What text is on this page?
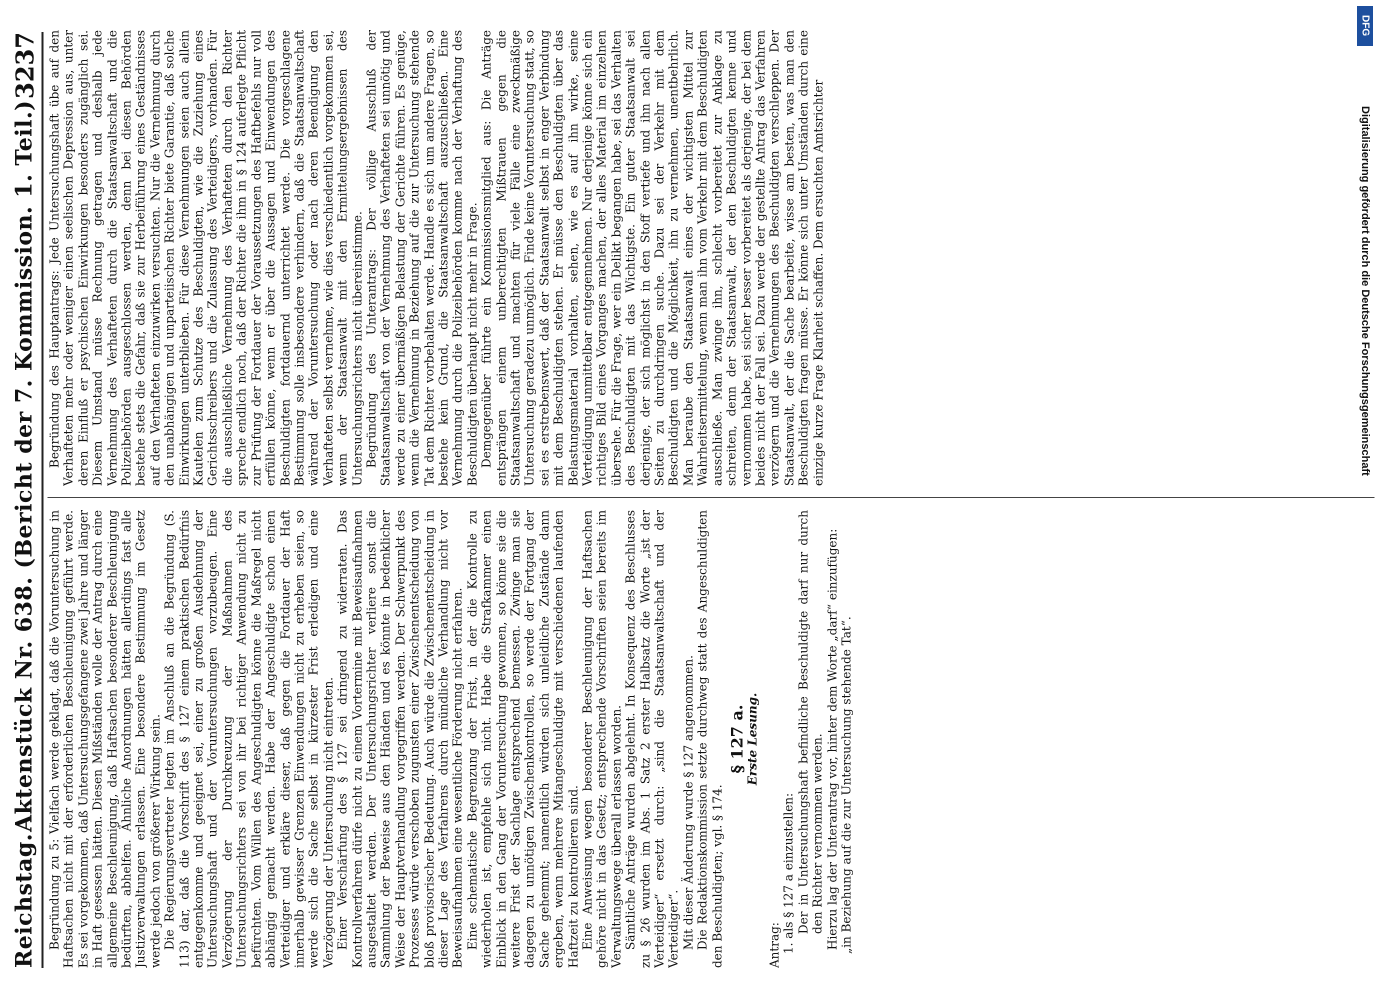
Reichstag.
Aktenstück Nr. 638. (Bericht der 7. Kommission. 1. Teil.)
3237

Begründung zu 5: Vielfach werde geklagt, daß die Voruntersuchung in Haftsachen nicht mit der erforderlichen Beschleunigung geführt werde. Es sei vorgekommen, daß Untersuchungsgefangene zwei Jahre und länger in Haft gesessen hätten. Diesen Mißständen wolle der Antrag durch eine allgemeine Beschleunigung, daß Haftsachen besonderer Beschleunigung bedürften, abhelfen. Ähnliche Anordnungen hätten allerdings fast alle Justizverwaltungen erlassen. Eine besondere Bestimmung im Gesetz werde jedoch von größerer Wirkung sein. Die Regierungsvertreter legten im Anschluß an die Begründung (S. 113) dar, daß die Vorschrift des § 127 einem praktischen Bedürfnis entgegenkomme und geeignet sei, einer zu großen Ausdehnung der Untersuchungshaft und der Voruntersuchungen vorzubeugen. Eine Verzögerung der Durchkreuzung der Maßnahmen des Untersuchungsrichters sei von ihr bei richtiger Anwendung nicht zu befürchten. Vom Willen des Angeschuldigten könne die Maßregel nicht abhängig gemacht werden. Habe der Angeschuldigte schon einen Verteidiger und erkläre dieser, daß gegen die Fortdauer der Haft innerhalb gewisser Grenzen Einwendungen nicht zu erheben seien, so werde sich die Sache selbst in kürzester Frist erledigen und eine Verzögerung der Untersuchung nicht eintreten. Einer Verschärfung des § 127 sei dringend zu widerraten. Das Kontrollverfahren dürfe nicht zu einem Vortermine mit Beweisaufnahmen ausgestaltet werden. Der Untersuchungsrichter verliere sonst die Sammlung der Beweise aus den Händen und es könnte in bedenklicher Weise der Hauptverhandlung vorgegriffen werden. Der Schwerpunkt des Prozesses würde verschoben zugunsten einer Zwischenentscheidung von bloß provisorischer Bedeutung. Auch würde die Zwischenentscheidung in dieser Lage des Verfahrens durch mündliche Verhandlung nicht vor Beweisaufnahmen eine wesentliche Förderung nicht erfahren. Eine schematische Begrenzung der Frist, in der die Kontrolle zu wiederholen ist, empfehle sich nicht. Habe die Strafkammer einen Einblick in den Gang der Voruntersuchung gewonnen, so könne sie die weitere Frist der Sachlage entsprechend bemessen. Zwinge man sie dagegen zu unnötigen Zwischenkontrollen, so werde der Fortgang der Sache gehemmt; namentlich würden sich unleidliche Zustände dann ergeben, wenn mehrere Mitangeschuldigte mit verschiedenen laufenden Haftzeit zu kontrollieren sind. Eine Anweisung wegen besonderer Beschleunigung der Haftsachen gehöre nicht in das Gesetz; entsprechende Vorschriften seien bereits im Verwaltungswege überall erlassen worden. Sämtliche Anträge wurden abgelehnt. In Konsequenz des Beschlusses zu § 26 wurden im Abs. 1 Satz 2 erster Halbsatz die Worte „ist der Verteidiger“ ersetzt durch: „sind die Staatsanwaltschaft und der Verteidiger“. Mit dieser Änderung wurde § 127 angenommen. Die Redaktionskommission setzte durchweg statt des Angeschuldigten den Beschuldigten; vgl. § 174.

§ 127 a.
Erste Lesung.

Antrag: 1. als § 127 a einzustellen: Der in Untersuchungshaft befindliche Beschuldigte darf nur durch den Richter vernommen werden. Hierzu lag der Unterantrag vor, hinter dem Worte „darf“ einzufügen: „in Beziehung auf die zur Untersuchung stehende Tat“.

Begründung des Hauptantrags: Jede Untersuchungshaft übe auf den Verhafteten mehr oder weniger einen seelischen Depression aus, unter deren Einfluß er psychischen Einwirkungen besonders zugänglich sei. Diesem Umstand müsse Rechnung getragen und deshalb jede Vernehmung des Verhafteten durch die Staatsanwaltschaft und die Polizeibehörden ausgeschlossen werden, denn bei diesen Behörden bestehe stets die Gefahr, daß sie zur Herbeiführung eines Geständnisses auf den Verhafteten einzuwirken versuchten. Nur die Vernehmung durch den unabhängigen und unparteiischen Richter biete Garantie, daß solche Einwirkungen unterblieben. Für diese Vernehmungen seien auch allein Kautelen zum Schutze des Beschuldigten, wie die Zuziehung eines Gerichtsschreibers und die Zulassung des Verteidigers, vorhanden. Für die ausschließliche Vernehmung des Verhafteten durch den Richter spreche endlich noch, daß der Richter die ihm in § 124 auferlegte Pflicht zur Prüfung der Fortdauer der Voraussetzungen des Haftbefehls nur voll erfüllen könne, wenn er über die Aussagen und Einwendungen des Beschuldigten fortdauernd unterrichtet werde. Die vorgeschlagene Bestimmung solle insbesondere verhindern, daß die Staatsanwaltschaft während der Voruntersuchung oder nach deren Beendigung den Verhafteten selbst vernehme, wie dies verschiedentlich vorgekommen sei, wenn der Staatsanwalt mit den Ermittelungsergebnissen des Untersuchungsrichters nicht übereinstimme. Begründung des Unterantrags: Der völlige Ausschluß der Staatsanwaltschaft von der Vernehmung des Verhafteten sei unnötig und werde zu einer übermäßigen Belastung der Gerichte führen. Es genüge, wenn die Vernehmung in Beziehung auf die zur Untersuchung stehende Tat dem Richter vorbehalten werde. Handle es sich um andere Fragen, so bestehe kein Grund, die Staatsanwaltschaft auszuschließen. Eine Vernehmung durch die Polizeibehörden komme nach der Verhaftung des Beschuldigten überhaupt nicht mehr in Frage. Demgegenüber führte ein Kommissionsmitglied aus: Die Anträge entsprängen einem unberechtigten Mißtrauen gegen die Staatsanwaltschaft und machten für viele Fälle eine zweckmäßige Untersuchung geradezu unmöglich. Finde keine Voruntersuchung statt, so sei es erstrebenswert, daß der Staatsanwalt selbst in enger Verbindung mit dem Beschuldigten stehen. Er müsse den Beschuldigten über das Belastungsmaterial vorhalten, sehen, wie es auf ihn wirke, seine Verteidigung unmittelbar entgegennehmen. Nur derjenige könne sich ein richtiges Bild eines Vorganges machen, der alles Material im einzelnen übersehe. Für die Frage, wer ein Delikt begangen habe, sei das Verhalten des Beschuldigten mit das Wichtigste. Ein guter Staatsanwalt sei derjenige, der sich möglichst in den Stoff vertiefe und ihn nach allen Seiten zu durchdringen suche. Dazu sei der Verkehr mit dem Beschuldigten und die Möglichkeit, ihn zu vernehmen, unentbehrlich. Man beraube den Staatsanwalt eines der wichtigsten Mittel zur Wahrheitsermittelung, wenn man ihn vom Verkehr mit dem Beschuldigten ausschließe. Man zwinge ihn, schlecht vorbereitet zur Anklage zu schreiten, denn der Staatsanwalt, der den Beschuldigten kenne und vernommen habe, sei sicher besser vorbereitet als derjenige, der bei dem beides nicht der Fall sei. Dazu werde der gestellte Antrag das Verfahren verzögern und die Vernehmungen des Beschuldigten verschleppen. Der Staatsanwalt, der die Sache bearbeite, wisse am besten, was man den Beschuldigten fragen müsse. Er könne sich unter Umständen durch eine einzige kurze Frage Klarheit schaffen. Dem ersuchten Amtsrichter

DFG
Digitalisierung gefördert durch die Deutsche Forschungsgemeinschaft
